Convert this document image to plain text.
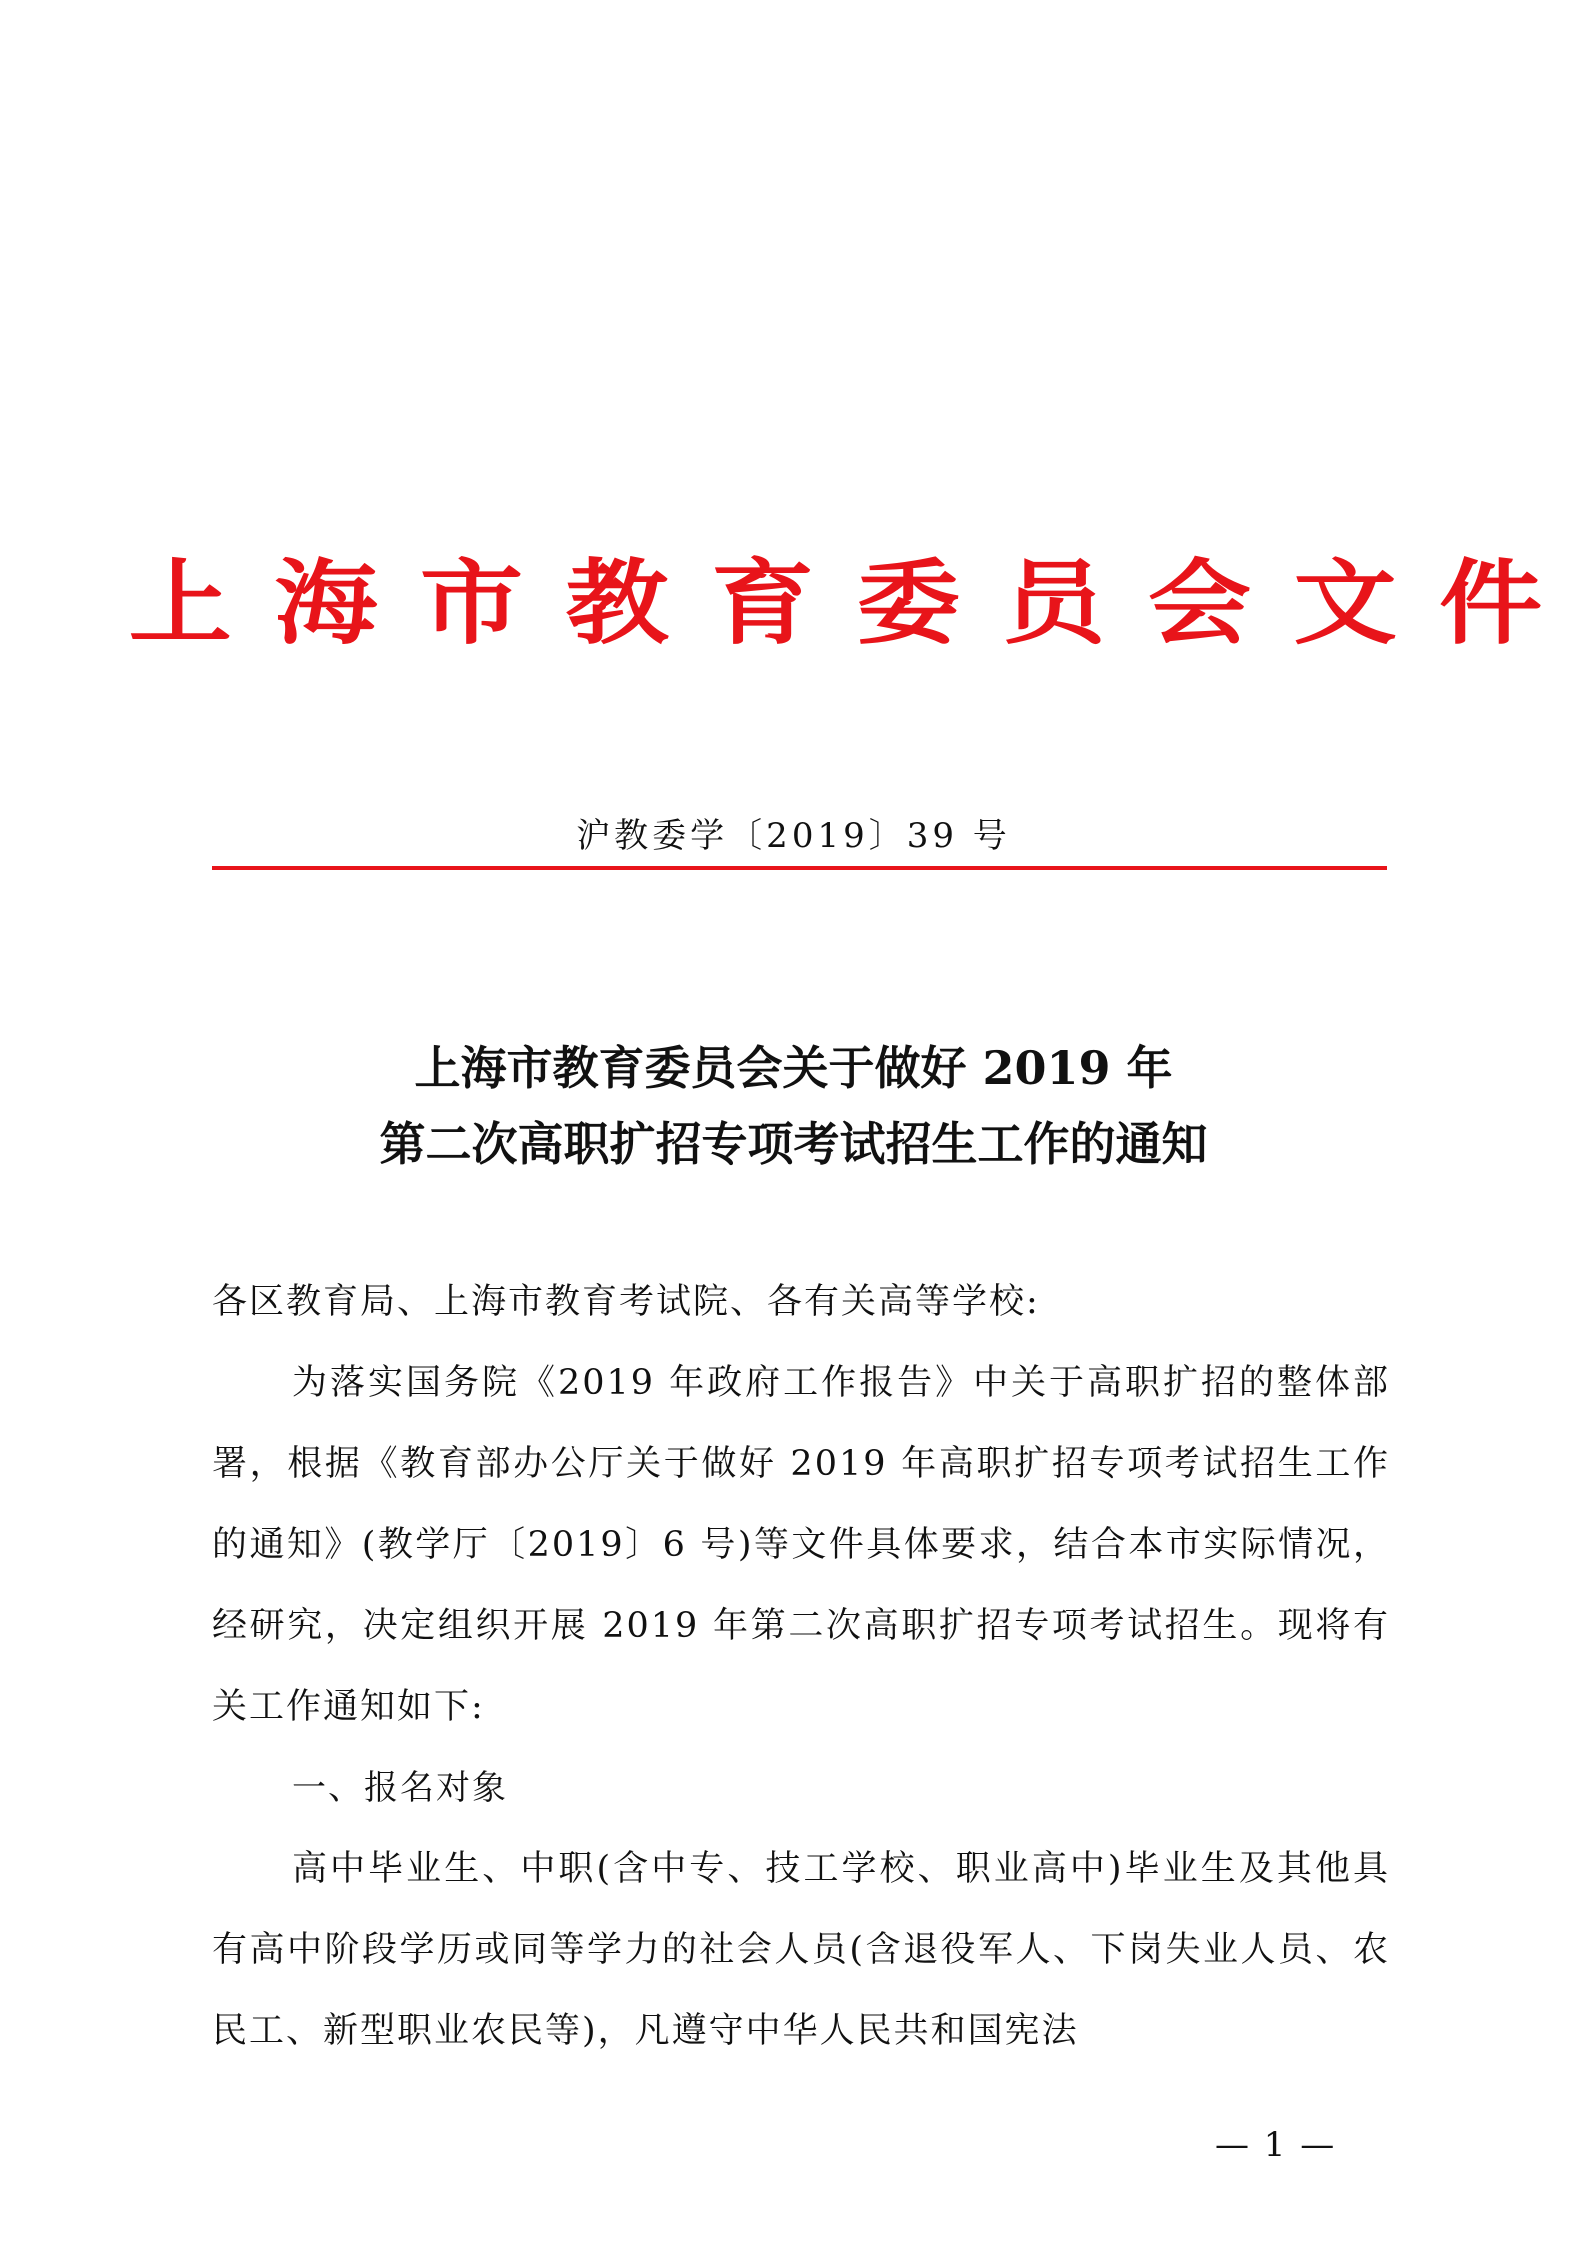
上海市教育委员会文件
沪教委学〔2019〕39 号
上海市教育委员会关于做好 2019 年
第二次高职扩招专项考试招生工作的通知

各区教育局、上海市教育考试院、各有关高等学校:

为落实国务院《2019 年政府工作报告》中关于高职扩招的整体部署，根据《教育部办公厅关于做好 2019 年高职扩招专项考试招生工作的通知》(教学厅〔2019〕6 号)等文件具体要求，结合本市实际情况，经研究，决定组织开展 2019 年第二次高职扩招专项考试招生。现将有关工作通知如下:

一、报名对象

高中毕业生、中职(含中专、技工学校、职业高中)毕业生及其他具有高中阶段学历或同等学力的社会人员(含退役军人、下岗失业人员、农民工、新型职业农民等)，凡遵守中华人民共和国宪法

— 1 —
